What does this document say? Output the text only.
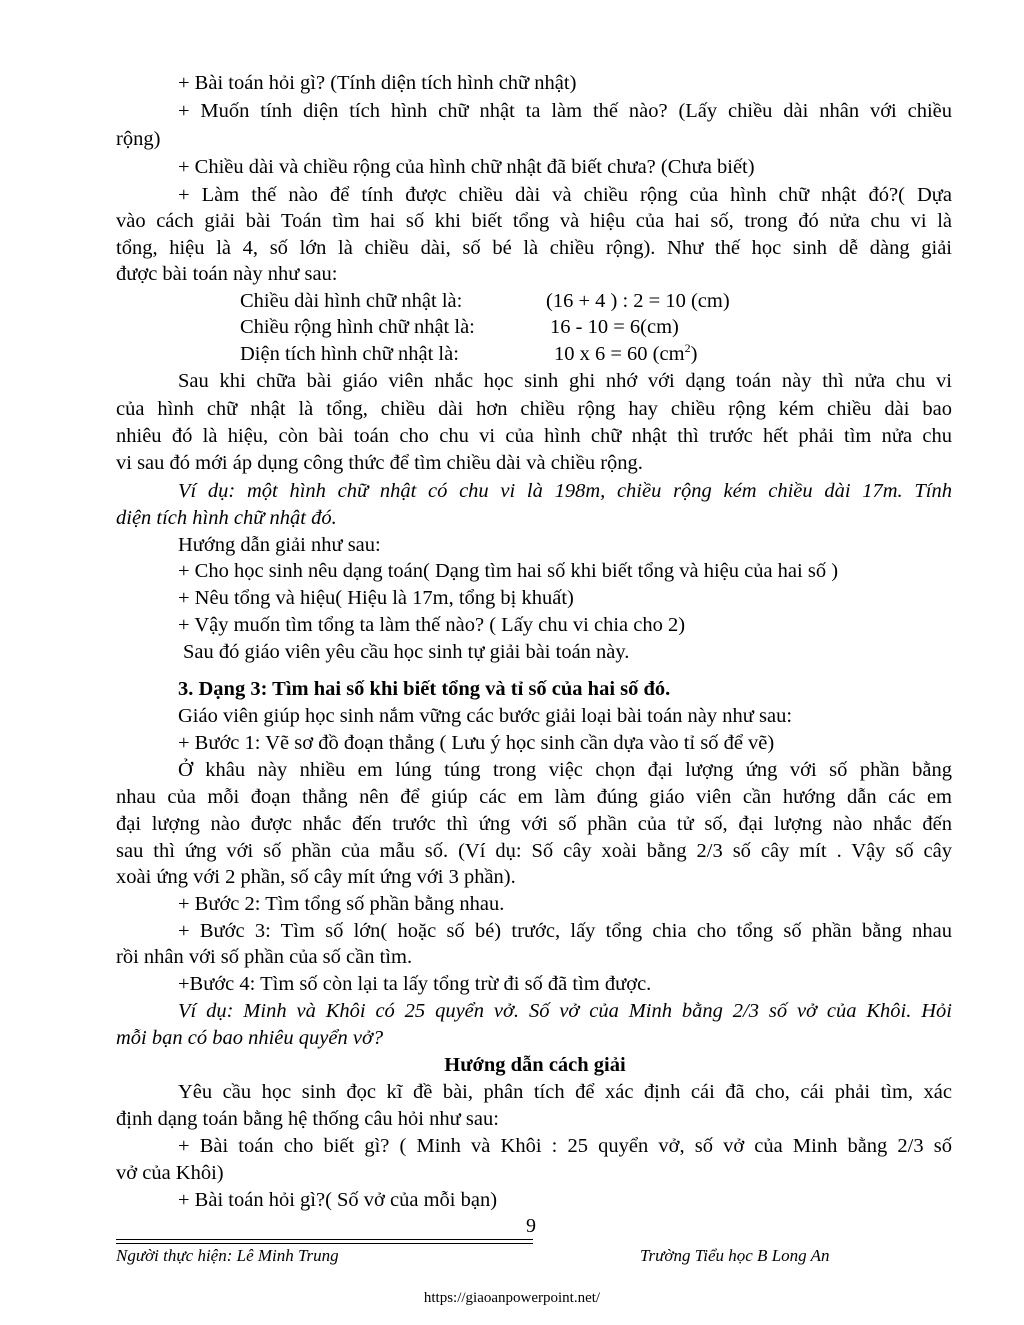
+ Bài toán hỏi gì? (Tính diện tích hình chữ nhật)
+ Muốn tính diện tích hình chữ nhật ta làm thế nào? (Lấy chiều dài nhân với chiều
rộng)
+ Chiều dài và chiều rộng của hình chữ nhật đã biết chưa? (Chưa biết)
+ Làm thế nào để tính được chiều dài và chiều rộng của hình chữ nhật đó?( Dựa
vào cách giải bài Toán tìm hai số khi biết tổng và hiệu của hai số, trong đó nửa chu vi là
tổng, hiệu là 4, số lớn là chiều dài, số bé là chiều rộng). Như thế học sinh dễ dàng giải
được bài toán này như sau:
Chiều dài hình chữ nhật là:	(16 + 4 ) : 2 = 10 (cm)
Chiều rộng hình chữ nhật là:	16 - 10 = 6(cm)
Diện tích hình chữ nhật là:	10 x 6 = 60 $(cm^2)$
Sau khi chữa bài giáo viên nhắc học sinh ghi nhớ với dạng toán này thì nửa chu vi
của hình chữ nhật là tổng, chiều dài hơn chiều rộng hay chiều rộng kém chiều dài bao
nhiêu đó là hiệu, còn bài toán cho chu vi của hình chữ nhật thì trước hết phải tìm nửa chu
vi sau đó mới áp dụng công thức để tìm chiều dài và chiều rộng.
Ví dụ: một hình chữ nhật có chu vi là 198m, chiều rộng kém chiều dài 17m. Tính
diện tích hình chữ nhật đó.
Hướng dẫn giải như sau:
+ Cho học sinh nêu dạng toán( Dạng tìm hai số khi biết tổng và hiệu của hai số )
+ Nêu tổng và hiệu( Hiệu là 17m, tổng bị khuất)
+ Vậy muốn tìm tổng ta làm thế nào? ( Lấy chu vi chia cho 2)
Sau đó giáo viên yêu cầu học sinh tự giải bài toán này.
3. Dạng 3: Tìm hai số khi biết tổng và tỉ số của hai số đó.
Giáo viên giúp học sinh nắm vững các bước giải loại bài toán này như sau:
+ Bước 1: Vẽ sơ đồ đoạn thẳng ( Lưu ý học sinh cần dựa vào tỉ số để vẽ)
Ở khâu này nhiều em lúng túng trong việc chọn đại lượng ứng với số phần bằng
nhau của mỗi đoạn thẳng nên để giúp các em làm đúng giáo viên cần hướng dẫn các em
đại lượng nào được nhắc đến trước thì ứng với số phần của tử số, đại lượng nào nhắc đến
sau thì ứng với số phần của mẫu số. (Ví dụ: Số cây xoài bằng 2/3 số cây mít . Vậy số cây
xoài ứng với 2 phần, số cây mít ứng với 3 phần).
+ Bước 2: Tìm tổng số phần bằng nhau.
+ Bước 3: Tìm số lớn( hoặc số bé) trước, lấy tổng chia cho tổng số phần bằng nhau
rồi nhân với số phần của số cần tìm.
+Bước 4: Tìm số còn lại ta lấy tổng trừ đi số đã tìm được.
Ví dụ: Minh và Khôi có 25 quyển vở. Số vở của Minh bằng 2/3 số vở của Khôi. Hỏi
mỗi bạn có bao nhiêu quyển vở?
Hướng dẫn cách giải
Yêu cầu học sinh đọc kĩ đề bài, phân tích để xác định cái đã cho, cái phải tìm, xác
định dạng toán bằng hệ thống câu hỏi như sau:
+ Bài toán cho biết gì? ( Minh và Khôi : 25 quyển vở, số vở của Minh bằng 2/3 số
vở của Khôi)
+ Bài toán hỏi gì?( Số vở của mỗi bạn)
9
Người thực hiện: Lê Minh Trung	Trường Tiểu học B Long An
https://giaoanpowerpoint.net/
